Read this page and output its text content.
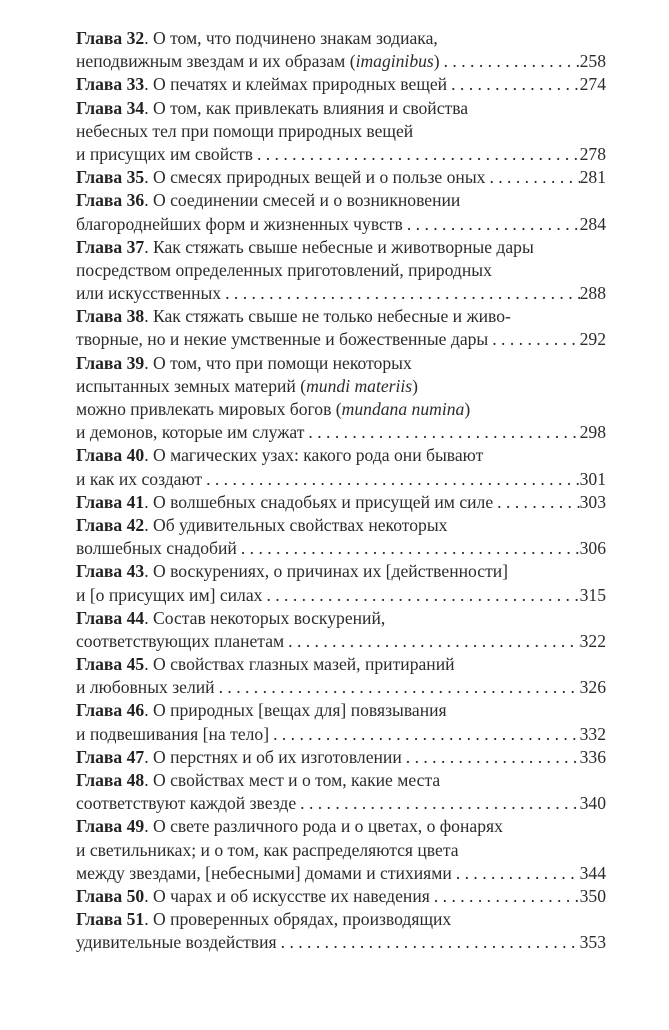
Глава 32. О том, что подчинено знакам зодиака,
неподвижным звездам и их образам (imaginibus) . . .	258
Глава 33. О печатях и клеймах природных вещей . . .	274
Глава 34. О том, как привлекать влияния и свойства
небесных тел при помощи природных вещей
и присущих им свойств . . .	278
Глава 35. О смесях природных вещей и о пользе оных . . .	281
Глава 36. О соединении смесей и о возникновении
благороднейших форм и жизненных чувств . . .	284
Глава 37. Как стяжать свыше небесные и животворные дары
посредством определенных приготовлений, природных
или искусственных . . .	288
Глава 38. Как стяжать свыше не только небесные и живо-
творные, но и некие умственные и божественные дары . . .	292
Глава 39. О том, что при помощи некоторых
испытанных земных материй (mundi materiis)
можно привлекать мировых богов (mundana numina)
и демонов, которые им служат . . .	298
Глава 40. О магических узах: какого рода они бывают
и как их создают . . .	301
Глава 41. О волшебных снадобьях и присущей им силе . . .	303
Глава 42. Об удивительных свойствах некоторых
волшебных снадобий . . .	306
Глава 43. О воскурениях, о причинах их [действенности]
и [о присущих им] силах . . .	315
Глава 44. Состав некоторых воскурений,
соответствующих планетам . . .	322
Глава 45. О свойствах глазных мазей, притираний
и любовных зелий . . .	326
Глава 46. О природных [вещах для] повязывания
и подвешивания [на тело] . . .	332
Глава 47. О перстнях и об их изготовлении . . .	336
Глава 48. О свойствах мест и о том, какие места
соответствуют каждой звезде . . .	340
Глава 49. О свете различного рода и о цветах, о фонарях
и светильниках; и о том, как распределяются цвета
между звездами, [небесными] домами и стихиями . . .	344
Глава 50. О чарах и об искусстве их наведения . . .	350
Глава 51. О проверенных обрядах, производящих
удивительные воздействия . . .	353
